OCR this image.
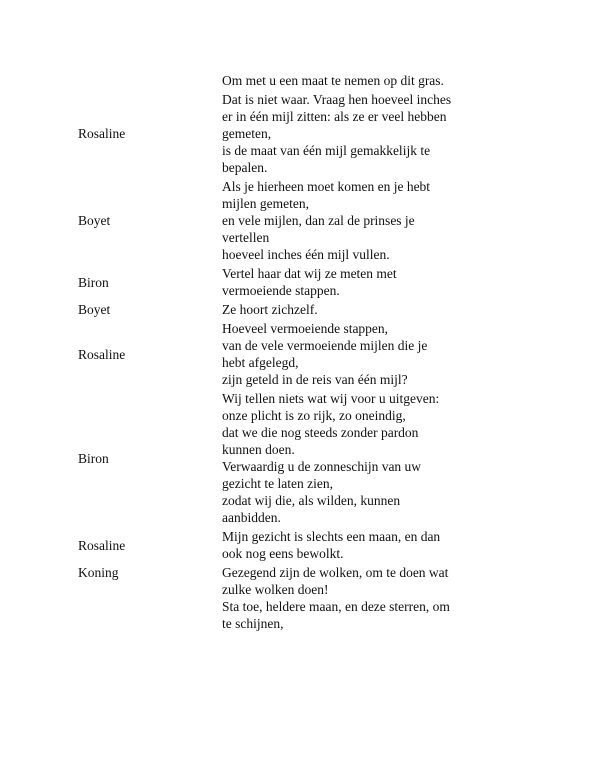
Om met u een maat te nemen op dit gras.
Rosaline
Dat is niet waar. Vraag hen hoeveel inches
er in één mijl zitten: als ze er veel hebben gemeten,
is de maat van één mijl gemakkelijk te bepalen.
Boyet
Als je hierheen moet komen en je hebt mijlen gemeten,
en vele mijlen, dan zal de prinses je vertellen
hoeveel inches één mijl vullen.
Biron
Vertel haar dat wij ze meten met vermoeiende stappen.
Boyet	Ze hoort zichzelf.
Rosaline
Hoeveel vermoeiende stappen,
van de vele vermoeiende mijlen die je hebt afgelegd,
zijn geteld in de reis van één mijl?
Biron
Wij tellen niets wat wij voor u uitgeven:
onze plicht is zo rijk, zo oneindig,
dat we die nog steeds zonder pardon kunnen doen.
Verwaardig u de zonneschijn van uw gezicht te laten zien,
zodat wij die, als wilden, kunnen aanbidden.
Rosaline
Mijn gezicht is slechts een maan, en dan ook nog eens bewolkt.
Koning	Gezegend zijn de wolken, om te doen wat zulke wolken doen!
Sta toe, heldere maan, en deze sterren, om te schijnen,
